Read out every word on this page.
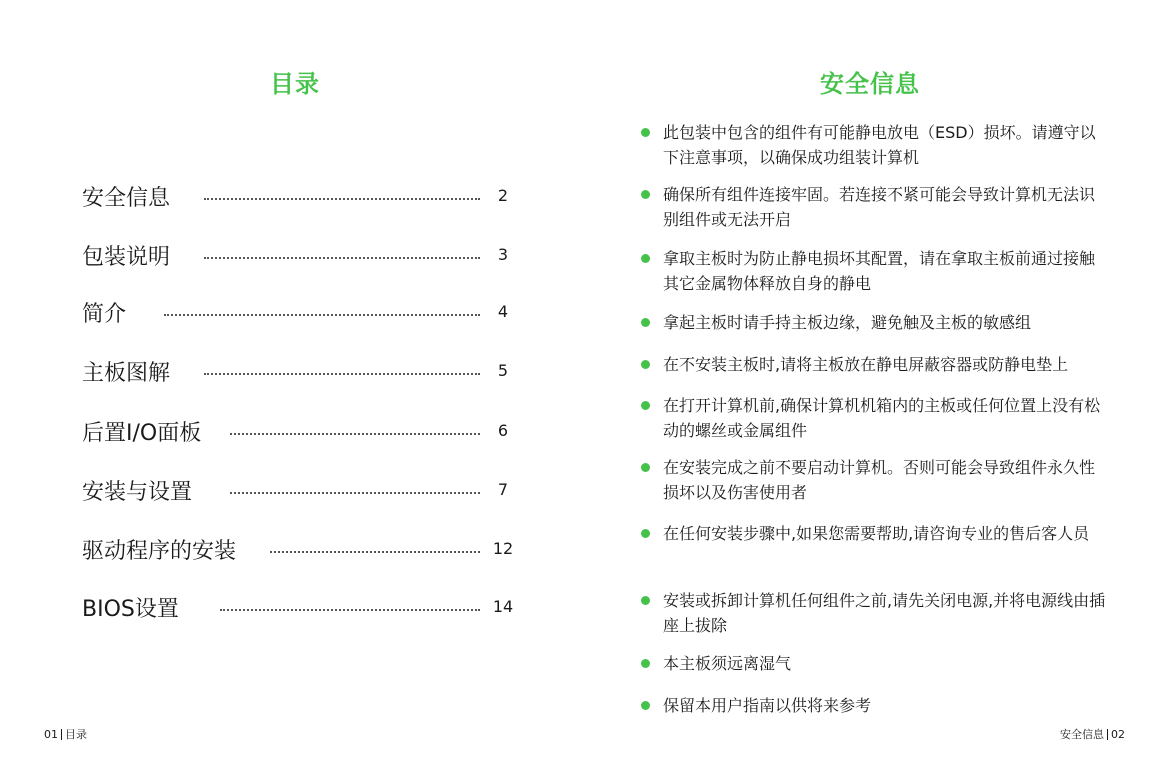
目录
安全信息	2
包装说明	3
简介	4
主板图解	5
后置I/O面板	6
安装与设置	7
驱动程序的安装	12
BIOS设置	14
01 目录
安全信息
此包装中包含的组件有可能静电放电（ESD）损坏。请遵守以下注意事项，以确保成功组装计算机
确保所有组件连接牢固。若连接不紧可能会导致计算机无法识别组件或无法开启
拿取主板时为防止静电损坏其配置，请在拿取主板前通过接触其它金属物体释放自身的静电
拿起主板时请手持主板边缘，避免触及主板的敏感组
在不安装主板时,请将主板放在静电屏蔽容器或防静电垫上
在打开计算机前,确保计算机机箱内的主板或任何位置上没有松动的螺丝或金属组件
在安装完成之前不要启动计算机。否则可能会导致组件永久性损坏以及伤害使用者
在任何安装步骤中,如果您需要帮助,请咨询专业的售后客人员
安装或拆卸计算机任何组件之前,请先关闭电源,并将电源线由插座上拔除
本主板须远离湿气
保留本用户指南以供将来参考
安全信息 02
